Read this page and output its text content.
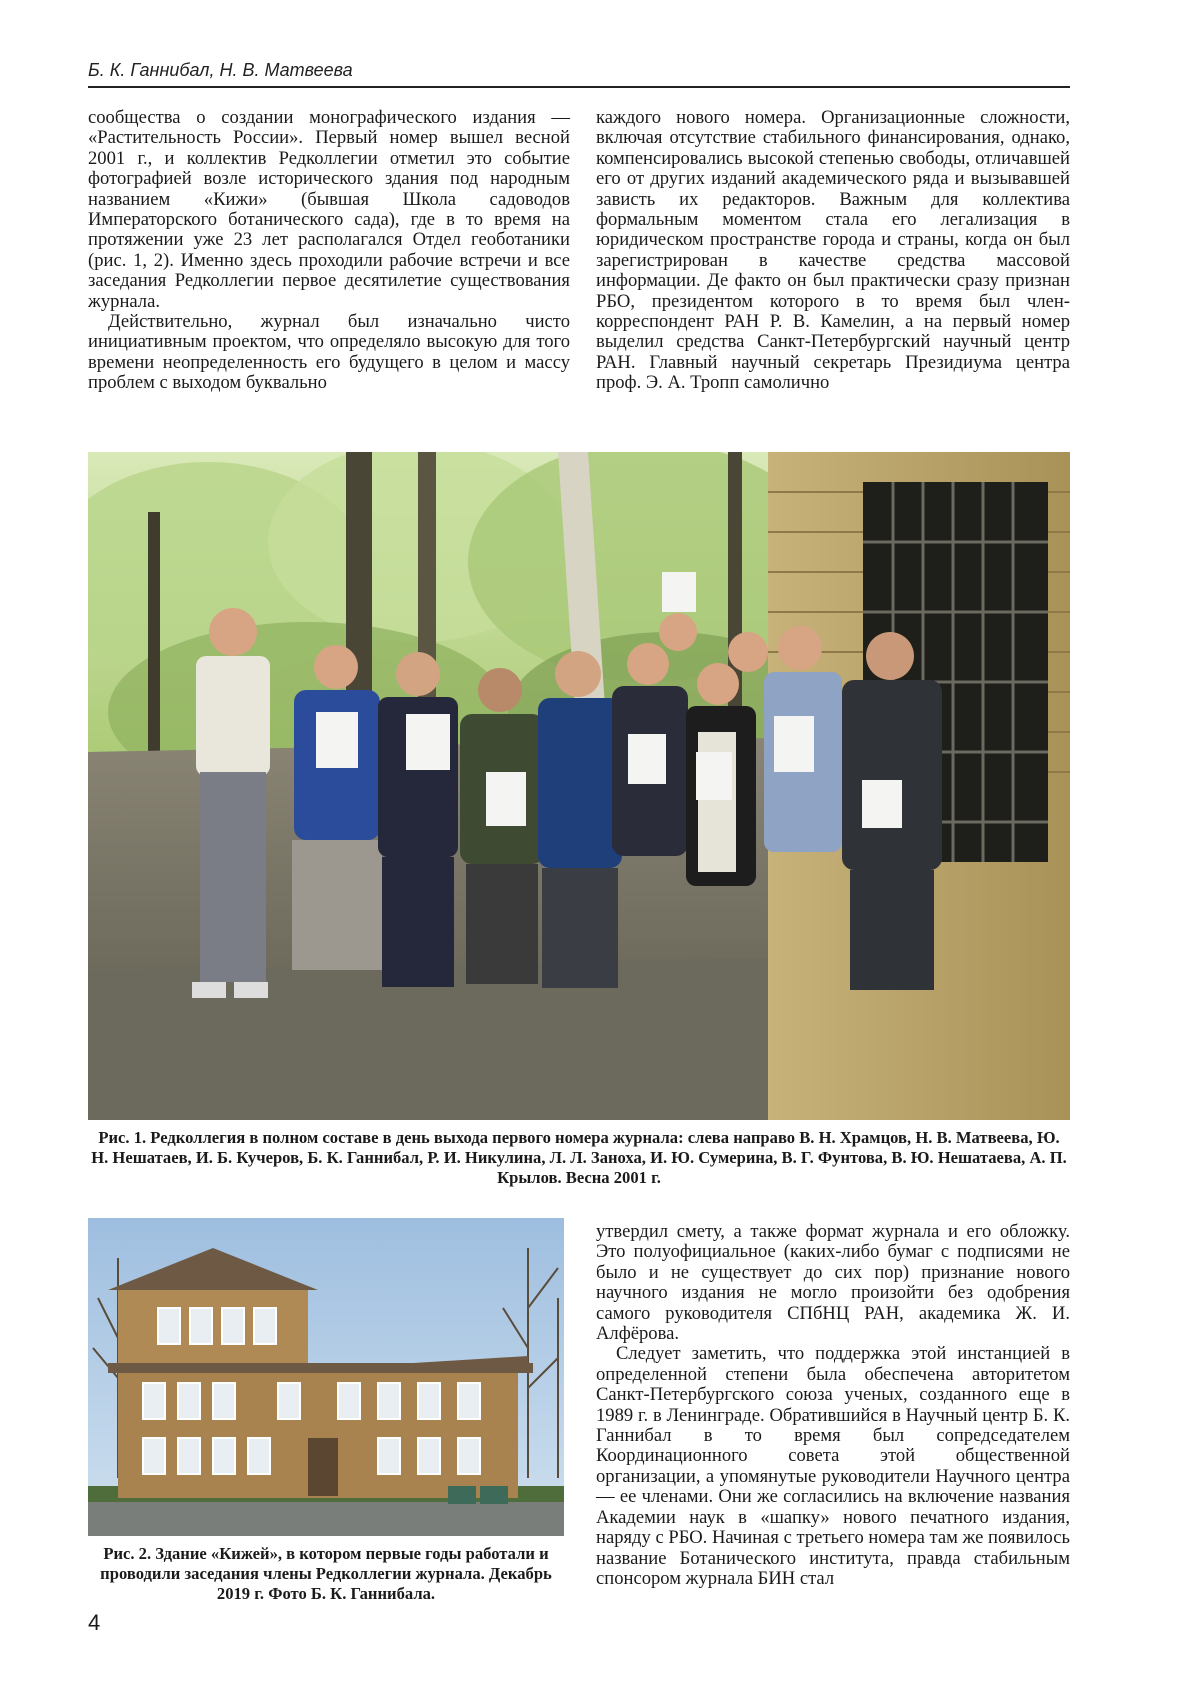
Б. К. Ганнибал, Н. В. Матвеева

сообщества о создании монографического издания — «Растительность России». Первый номер вышел весной 2001 г., и коллектив Редколлегии отметил это событие фотографией возле исторического здания под народным названием «Кижи» (бывшая Школа садоводов Императорского ботанического сада), где в то время на протяжении уже 23 лет располагался Отдел геоботаники (рис. 1, 2). Именно здесь проходили рабочие встречи и все заседания Редколлегии первое десятилетие существования журнала.

Действительно, журнал был изначально чисто инициативным проектом, что определяло высокую для того времени неопределенность его будущего в целом и массу проблем с выходом буквально

каждого нового номера. Организационные сложности, включая отсутствие стабильного финансирования, однако, компенсировались высокой степенью свободы, отличавшей его от других изданий академического ряда и вызывавшей зависть их редакторов. Важным для коллектива формальным моментом стала его легализация в юридическом пространстве города и страны, когда он был зарегистрирован в качестве средства массовой информации. Де факто он был практически сразу признан РБО, президентом которого в то время был член-корреспондент РАН Р. В. Камелин, а на первый номер выделил средства Санкт-Петербургский научный центр РАН. Главный научный секретарь Президиума центра проф. Э. А. Тропп самолично

Рис. 1. Редколлегия в полном составе в день выхода первого номера журнала: слева направо В. Н. Храмцов, Н. В. Матвеева, Ю. Н. Нешатаев, И. Б. Кучеров, Б. К. Ганнибал, Р. И. Никулина, Л. Л. Заноха, И. Ю. Сумерина, В. Г. Фунтова, В. Ю. Нешатаева, А. П. Крылов. Весна 2001 г.
Рис. 2. Здание «Кижей», в котором первые годы работали и проводили заседания члены Редколлегии журнала. Декабрь 2019 г. Фото Б. К. Ганнибала.

утвердил смету, а также формат журнала и его обложку. Это полуофициальное (каких-либо бумаг с подписями не было и не существует до сих пор) признание нового научного издания не могло произойти без одобрения самого руководителя СПбНЦ РАН, академика Ж. И. Алфёрова.

Следует заметить, что поддержка этой инстанцией в определенной степени была обеспечена авторитетом Санкт-Петербургского союза ученых, созданного еще в 1989 г. в Ленинграде. Обратившийся в Научный центр Б. К. Ганнибал в то время был сопредседателем Координационного совета этой общественной организации, а упомянутые руководители Научного центра — ее членами. Они же согласились на включение названия Академии наук в «шапку» нового печатного издания, наряду с РБО. Начиная с третьего номера там же появилось название Ботанического института, правда стабильным спонсором журнала БИН стал

4
